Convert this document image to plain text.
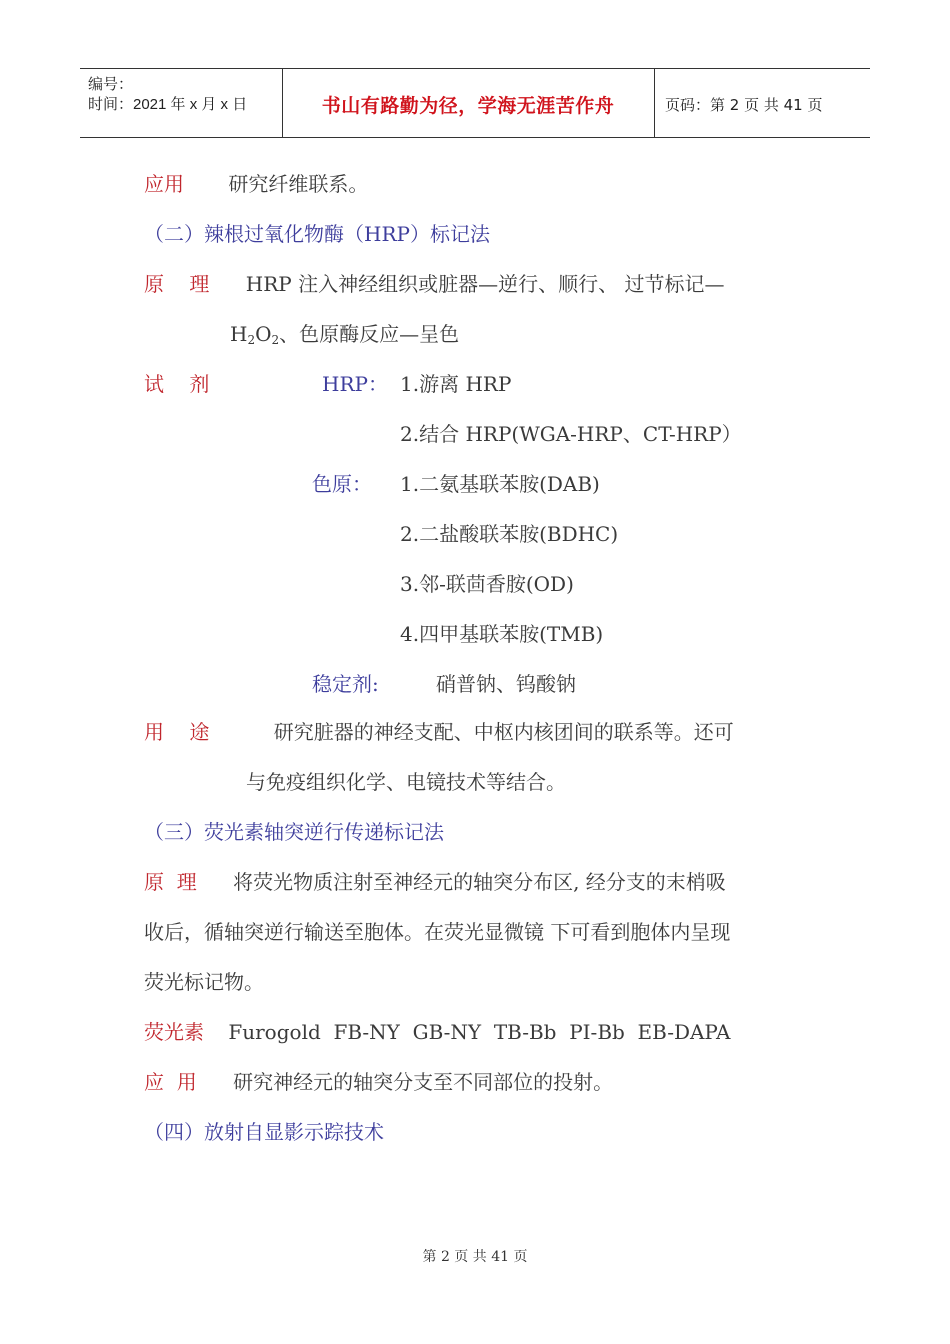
编号：
时间：2021 年 x 月 x 日	书山有路勤为径，学海无涯苦作舟	页码：第 2 页 共 41 页
应用 研究纤维联系。
（二）辣根过氧化物酶（HRP）标记法
原    理 HRP 注入神经组织或脏器—逆行、顺行、 过节标记—
$H_2O_2$、色原酶反应—呈色
试    剂	HRP： 1.游离 HRP
2.结合 HRP(WGA-HRP、CT-HRP）
色原： 1.二氨基联苯胺(DAB)
2.二盐酸联苯胺(BDHC)
3.邻-联茴香胺(OD)
4.四甲基联苯胺(TMB)
稳定剂:	硝普钠、钨酸钠
用    途	研究脏器的神经支配、中枢内核团间的联系等。还可
与免疫组织化学、电镜技术等结合。
（三）荧光素轴突逆行传递标记法
原  理 将荧光物质注射至神经元的轴突分布区, 经分支的末梢吸
收后，循轴突逆行输送至胞体。在荧光显微镜 下可看到胞体内呈现
荧光标记物。
荧光素 Furogold  FB-NY  GB-NY  TB-Bb  PI-Bb  EB-DAPA
应  用 研究神经元的轴突分支至不同部位的投射。
（四）放射自显影示踪技术
第 2 页 共 41 页
